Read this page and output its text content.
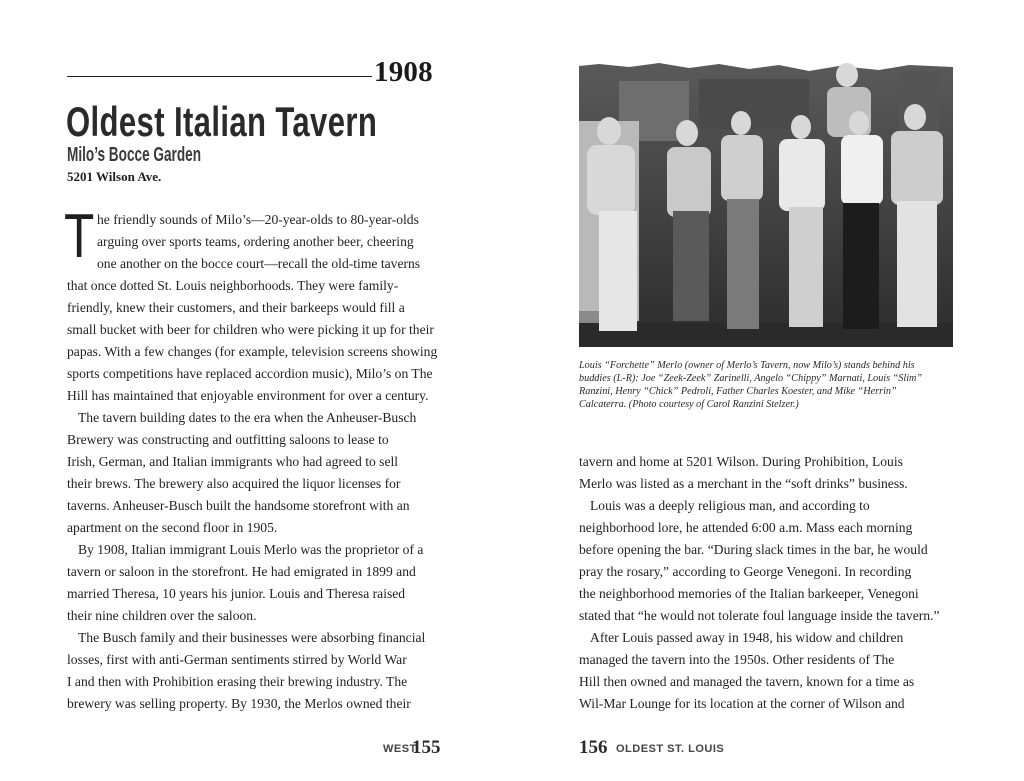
1908
Oldest Italian Tavern
Milo’s Bocce Garden
5201 Wilson Ave.
T he friendly sounds of Milo’s—20-year-olds to 80-year-olds
arguing over sports teams, ordering another beer, cheering
one another on the bocce court—recall the old-time taverns
that once dotted St. Louis neighborhoods. They were family-
friendly, knew their customers, and their barkeeps would fill a
small bucket with beer for children who were picking it up for their
papas. With a few changes (for example, television screens showing
sports competitions have replaced accordion music), Milo’s on The
Hill has maintained that enjoyable environment for over a century.
The tavern building dates to the era when the Anheuser-Busch
Brewery was constructing and outfitting saloons to lease to
Irish, German, and Italian immigrants who had agreed to sell
their brews. The brewery also acquired the liquor licenses for
taverns. Anheuser-Busch built the handsome storefront with an
apartment on the second floor in 1905.
By 1908, Italian immigrant Louis Merlo was the proprietor of a
tavern or saloon in the storefront. He had emigrated in 1899 and
married Theresa, 10 years his junior. Louis and Theresa raised
their nine children over the saloon.
The Busch family and their businesses were absorbing financial
losses, first with anti-German sentiments stirred by World War
I and then with Prohibition erasing their brewing industry. The
brewery was selling property. By 1930, the Merlos owned their
WEST
155
Louis “Forchette” Merlo (owner of Merlo’s Tavern, now Milo’s) stands behind his
buddies (L-R): Joe “Zeek-Zeek” Zarinelli, Angelo “Chippy” Marnati, Louis “Slim”
Ranzini, Henry “Chick” Pedroli, Father Charles Koester, and Mike “Herrin”
Calcaterra. (Photo courtesy of Carol Ranzini Stelzer.)
tavern and home at 5201 Wilson. During Prohibition, Louis
Merlo was listed as a merchant in the “soft drinks” business.
Louis was a deeply religious man, and according to
neighborhood lore, he attended 6:00 a.m. Mass each morning
before opening the bar. “During slack times in the bar, he would
pray the rosary,” according to George Venegoni. In recording
the neighborhood memories of the Italian barkeeper, Venegoni
stated that “he would not tolerate foul language inside the tavern.”
After Louis passed away in 1948, his widow and children
managed the tavern into the 1950s. Other residents of The
Hill then owned and managed the tavern, known for a time as
Wil-Mar Lounge for its location at the corner of Wilson and
156 OLDEST ST. LOUIS
